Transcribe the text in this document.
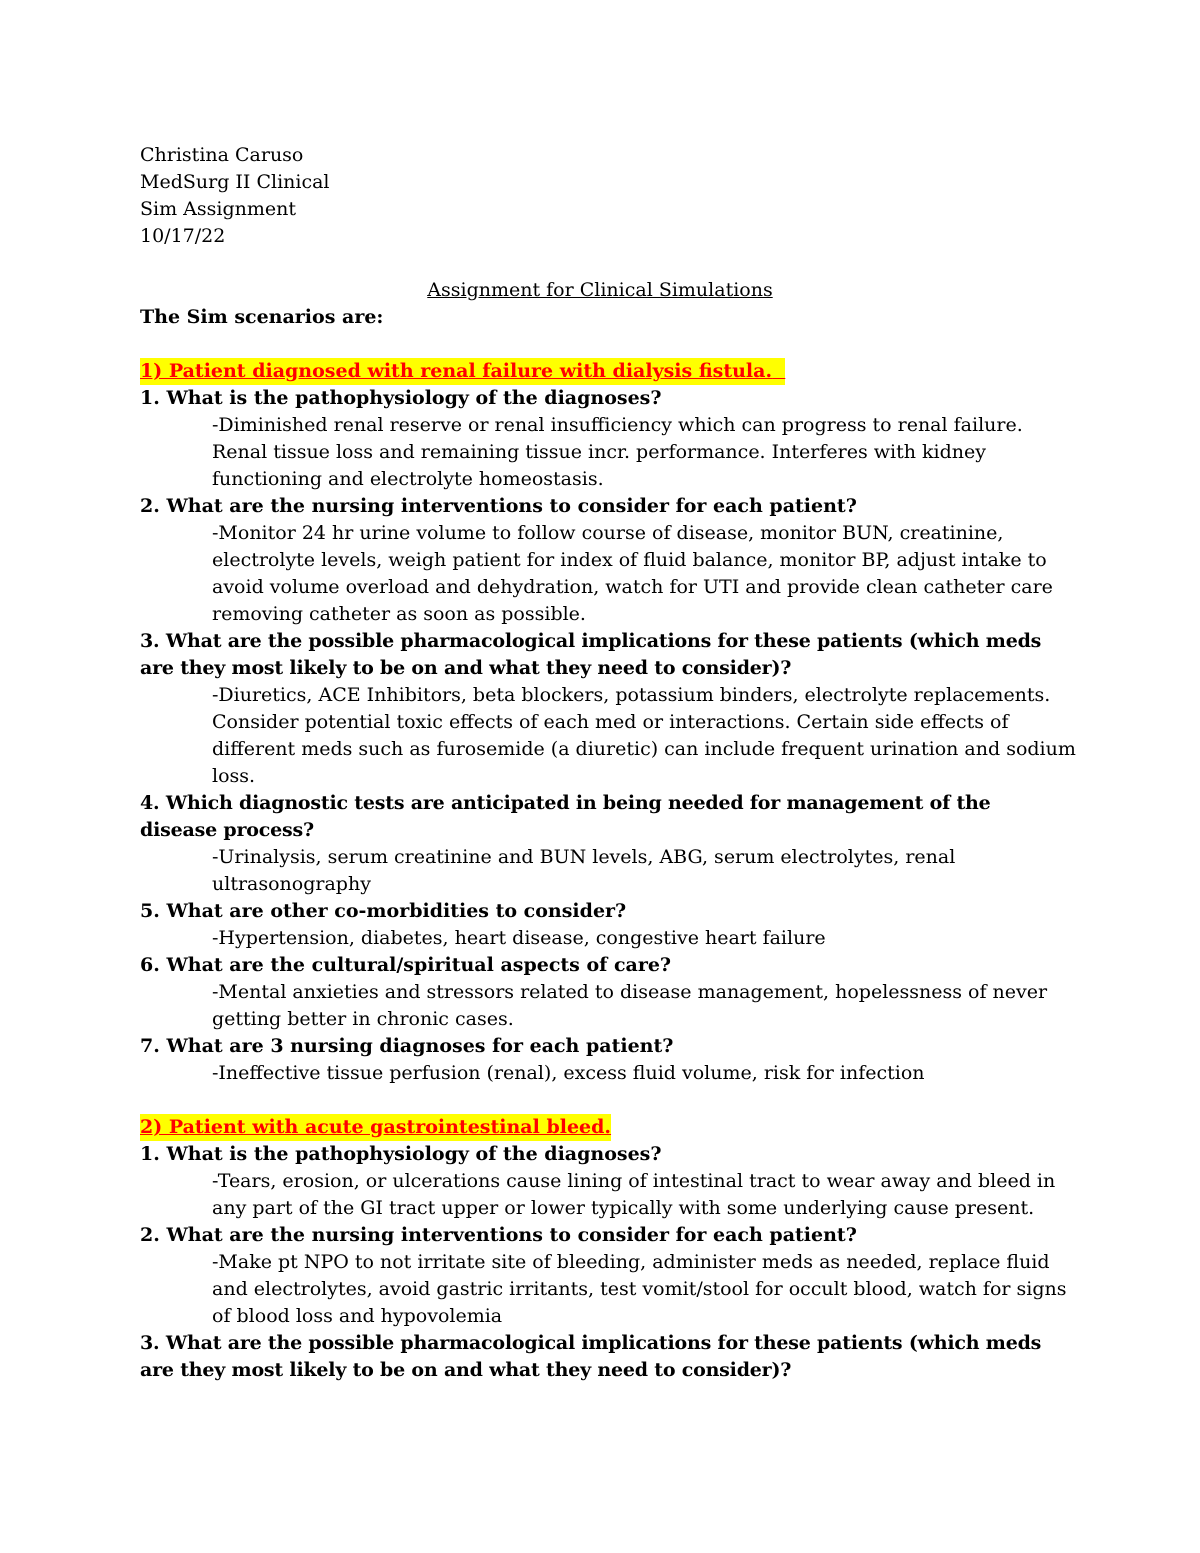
Christina Caruso
MedSurg II Clinical
Sim Assignment
10/17/22
Assignment for Clinical Simulations
The Sim scenarios are:
1) Patient diagnosed with renal failure with dialysis fistula.
1. What is the pathophysiology of the diagnoses?
-Diminished renal reserve or renal insufficiency which can progress to renal failure.
Renal tissue loss and remaining tissue incr. performance. Interferes with kidney
functioning and electrolyte homeostasis.
2. What are the nursing interventions to consider for each patient?
-Monitor 24 hr urine volume to follow course of disease, monitor BUN, creatinine,
electrolyte levels, weigh patient for index of fluid balance, monitor BP, adjust intake to
avoid volume overload and dehydration, watch for UTI and provide clean catheter care
removing catheter as soon as possible.
3. What are the possible pharmacological implications for these patients (which meds are they most likely to be on and what they need to consider)?
-Diuretics, ACE Inhibitors, beta blockers, potassium binders, electrolyte replacements.
Consider potential toxic effects of each med or interactions. Certain side effects of
different meds such as furosemide (a diuretic) can include frequent urination and sodium
loss.
4. Which diagnostic tests are anticipated in being needed for management of the disease process?
-Urinalysis, serum creatinine and BUN levels, ABG, serum electrolytes, renal
ultrasonography
5. What are other co-morbidities to consider?
-Hypertension, diabetes, heart disease, congestive heart failure
6. What are the cultural/spiritual aspects of care?
-Mental anxieties and stressors related to disease management, hopelessness of never
getting better in chronic cases.
7. What are 3 nursing diagnoses for each patient?
-Ineffective tissue perfusion (renal), excess fluid volume, risk for infection
2) Patient with acute gastrointestinal bleed.
1. What is the pathophysiology of the diagnoses?
-Tears, erosion, or ulcerations cause lining of intestinal tract to wear away and bleed in
any part of the GI tract upper or lower typically with some underlying cause present.
2. What are the nursing interventions to consider for each patient?
-Make pt NPO to not irritate site of bleeding, administer meds as needed, replace fluid
and electrolytes, avoid gastric irritants, test vomit/stool for occult blood, watch for signs
of blood loss and hypovolemia
3. What are the possible pharmacological implications for these patients (which meds are they most likely to be on and what they need to consider)?
